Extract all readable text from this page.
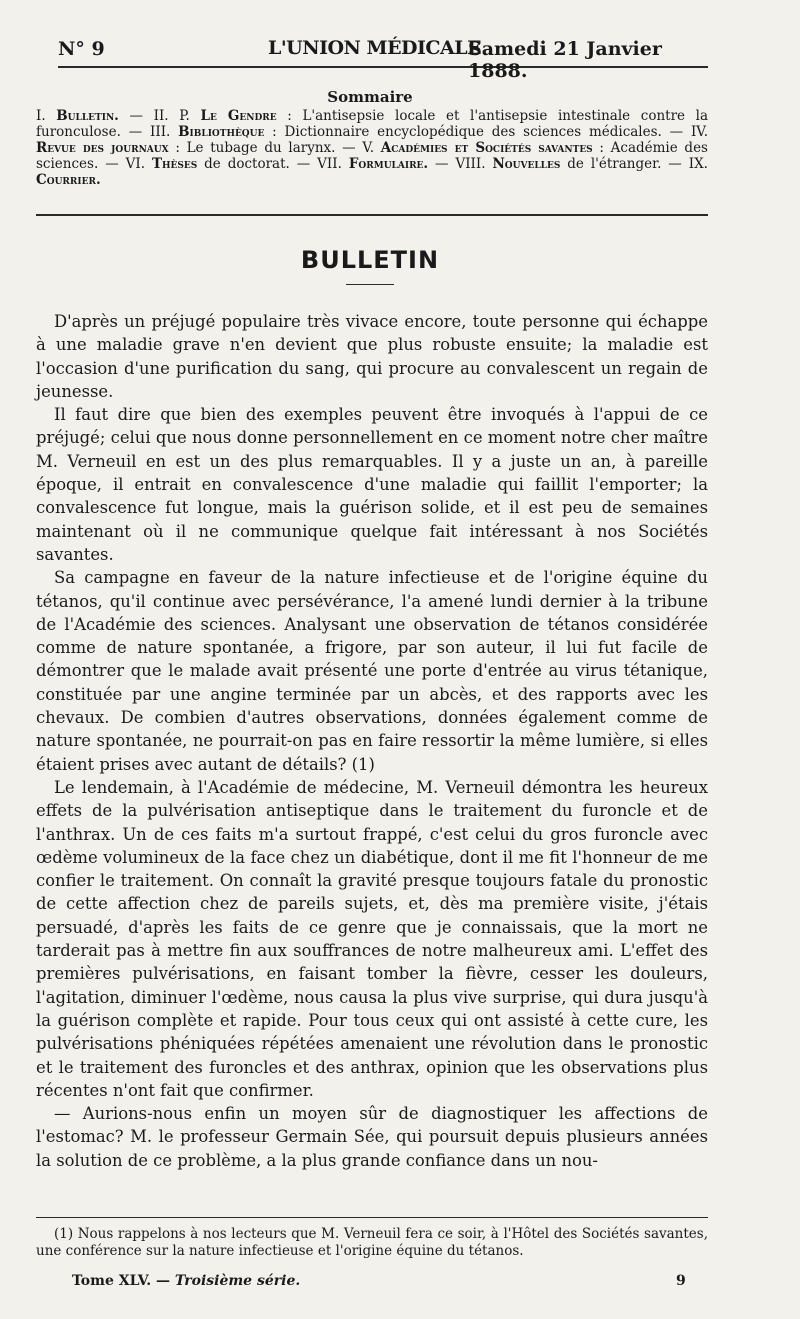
N° 9	L'UNION MÉDICALE
Samedi 21 Janvier 1888.
Sommaire
I. Bulletin. — II. P. Le Gendre : L'antisepsie locale et l'antisepsie intestinale contre la furonculose. — III. Bibliothèque : Dictionnaire encyclopédique des sciences médicales. — IV. Revue des journaux : Le tubage du larynx. — V. Académies et Sociétés savantes : Académie des sciences. — VI. Thèses de doctorat. — VII. Formulaire. — VIII. Nouvelles de l'étranger. — IX. Courrier.
BULLETIN

D'après un préjugé populaire très vivace encore, toute personne qui échappe à une maladie grave n'en devient que plus robuste ensuite; la maladie est l'occasion d'une purification du sang, qui procure au convalescent un regain de jeunesse.

Il faut dire que bien des exemples peuvent être invoqués à l'appui de ce préjugé; celui que nous donne personnellement en ce moment notre cher maître M. Verneuil en est un des plus remarquables. Il y a juste un an, à pareille époque, il entrait en convalescence d'une maladie qui faillit l'emporter; la convalescence fut longue, mais la guérison solide, et il est peu de semaines maintenant où il ne communique quelque fait intéressant à nos Sociétés savantes.

Sa campagne en faveur de la nature infectieuse et de l'origine équine du tétanos, qu'il continue avec persévérance, l'a amené lundi dernier à la tribune de l'Académie des sciences. Analysant une observation de tétanos considérée comme de nature spontanée, a frigore, par son auteur, il lui fut facile de démontrer que le malade avait présenté une porte d'entrée au virus tétanique, constituée par une angine terminée par un abcès, et des rapports avec les chevaux. De combien d'autres observations, données également comme de nature spontanée, ne pourrait-on pas en faire ressortir la même lumière, si elles étaient prises avec autant de détails? (1)

Le lendemain, à l'Académie de médecine, M. Verneuil démontra les heureux effets de la pulvérisation antiseptique dans le traitement du furoncle et de l'anthrax. Un de ces faits m'a surtout frappé, c'est celui du gros furoncle avec œdème volumineux de la face chez un diabétique, dont il me fit l'honneur de me confier le traitement. On connaît la gravité presque toujours fatale du pronostic de cette affection chez de pareils sujets, et, dès ma première visite, j'étais persuadé, d'après les faits de ce genre que je connaissais, que la mort ne tarderait pas à mettre fin aux souffrances de notre malheureux ami. L'effet des premières pulvérisations, en faisant tomber la fièvre, cesser les douleurs, l'agitation, diminuer l'œdème, nous causa la plus vive surprise, qui dura jusqu'à la guérison complète et rapide. Pour tous ceux qui ont assisté à cette cure, les pulvérisations phéniquées répétées amenaient une révolution dans le pronostic et le traitement des furoncles et des anthrax, opinion que les observations plus récentes n'ont fait que confirmer.

— Aurions-nous enfin un moyen sûr de diagnostiquer les affections de l'estomac? M. le professeur Germain Sée, qui poursuit depuis plusieurs années la solution de ce problème, a la plus grande confiance dans un nou-

(1) Nous rappelons à nos lecteurs que M. Verneuil fera ce soir, à l'Hôtel des Sociétés savantes, une conférence sur la nature infectieuse et l'origine équine du tétanos.

Tome XLV. — Troisième série.	9
